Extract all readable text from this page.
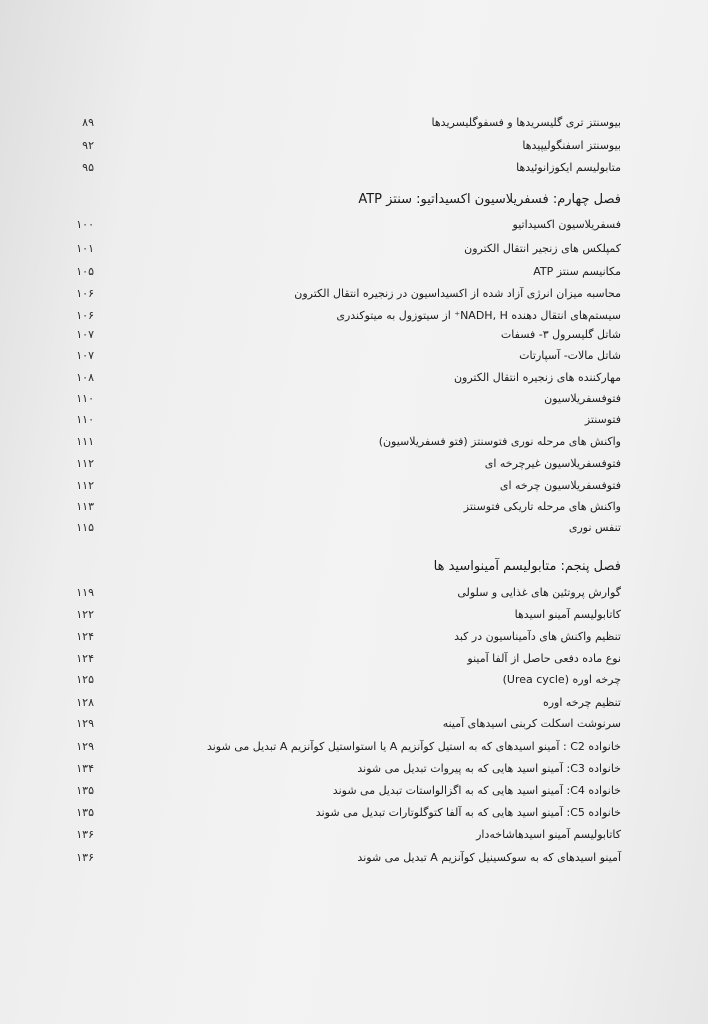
بیوسنتز تری گلیسریدها و فسفوگلیسریدها
۸۹
بیوسنتز اسفنگولیپیدها
۹۲
متابولیسم ایکوزانوئیدها
۹۵
فصل چهارم: فسفریلاسیون اکسیداتیو: سنتز ATP
فسفریلاسیون اکسیداتیو
۱۰۰
کمپلکس های زنجیر انتقال الکترون
۱۰۱
مکانیسم سنتز ATP
۱۰۵
محاسبه میزان انرژی آزاد شده از اکسیداسیون در زنجیره انتقال الکترون
۱۰۶
سیستم‌های انتقال دهنده NADH, H⁺ از سیتوزول به میتوکندری
۱۰۶
شاتل گلیسرول ۳- فسفات
۱۰۷
شاتل مالات- آسپارتات
۱۰۷
مهارکننده های زنجیره انتقال الکترون
۱۰۸
فتوفسفریلاسیون
۱۱۰
فتوسنتز
۱۱۰
واکنش های مرحله نوری فتوسنتز (فتو فسفریلاسیون)
۱۱۱
فتوفسفریلاسیون غیرچرخه ای
۱۱۲
فتوفسفریلاسیون چرخه ای
۱۱۲
واکنش های مرحله تاریکی فتوسنتز
۱۱۳
تنفس نوری
۱۱۵
فصل پنجم: متابولیسم آمینواسید ها
گوارش پروتئین های غذایی و سلولی
۱۱۹
کاتابولیسم آمینو اسیدها
۱۲۲
تنظیم واکنش های دآمیناسیون در کبد
۱۲۴
نوع ماده دفعی حاصل از آلفا آمینو
۱۲۴
چرخه اوره (Urea cycle)
۱۲۵
تنظیم چرخه اوره
۱۲۸
سرنوشت اسکلت کربنی اسیدهای آمینه
۱۲۹
خانواده C2 : آمینو اسیدهای که به استیل کوآنزیم A یا استواستیل کوآنزیم A تبدیل می شوند
۱۲۹
خانواده C3: آمینو اسید هایی که به پیروات تبدیل می شوند
۱۳۴
خانواده C4: آمینو اسید هایی که به اگزالواستات تبدیل می شوند
۱۳۵
خانواده C5: آمینو اسید هایی که به آلفا کتوگلوتارات تبدیل می شوند
۱۳۵
کاتابولیسم آمینو اسیدهاشاخه‌دار
۱۳۶
آمینو اسیدهای که به سوکسینیل کوآنزیم A تبدیل می شوند
۱۳۶
